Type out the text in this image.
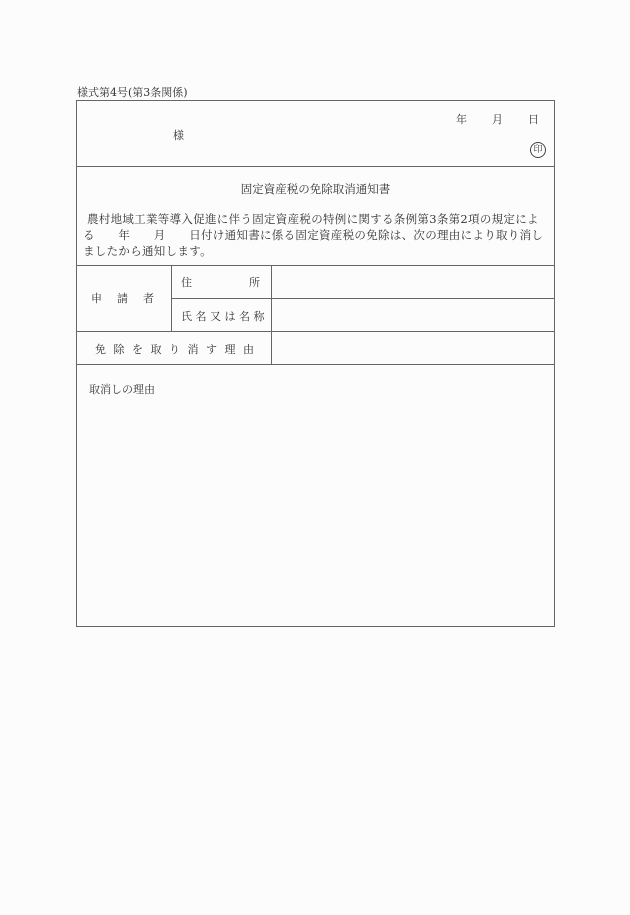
様式第4号(第3条関係)
様
年 月 日
印
固定資産税の免除取消通知書
農村地域工業等導入促進に伴う固定資産税の特例に関する条例第3条第2項の規定によ
る　　年　　月　　日付け通知書に係る固定資産税の免除は、次の理由により取り消し
ましたから通知します。
申　請　者
住	所
氏名又は名称
免除を取り消す理由
取消しの理由
